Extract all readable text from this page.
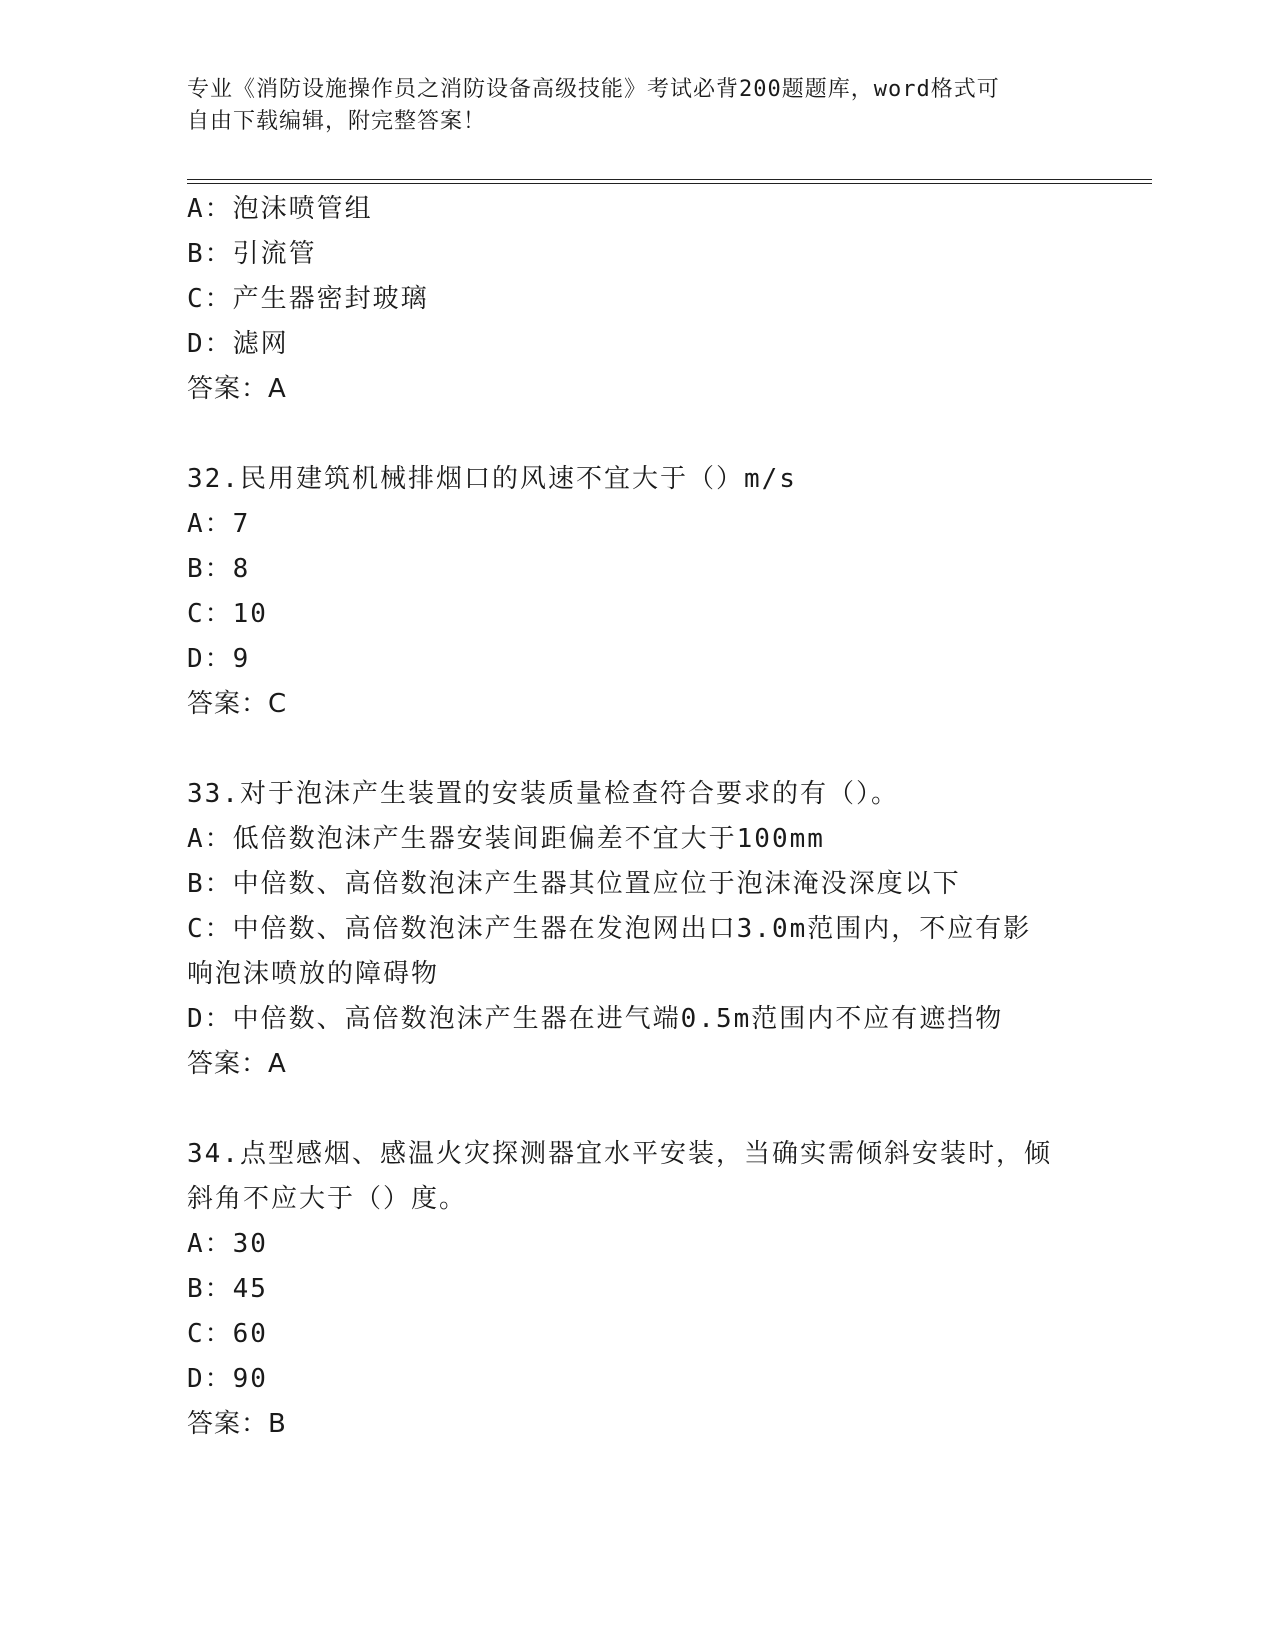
专业《消防设施操作员之消防设备高级技能》考试必背200题题库，word格式可
自由下载编辑，附完整答案！
A：泡沫喷管组
B：引流管
C：产生器密封玻璃
D：滤网
答案：A
32.民用建筑机械排烟口的风速不宜大于（）m/s
A：7
B：8
C：10
D：9
答案：C
33.对于泡沫产生装置的安装质量检查符合要求的有（）。
A：低倍数泡沫产生器安装间距偏差不宜大于100mm
B：中倍数、高倍数泡沫产生器其位置应位于泡沫淹没深度以下
C：中倍数、高倍数泡沫产生器在发泡网出口3.0m范围内，不应有影
响泡沫喷放的障碍物
D：中倍数、高倍数泡沫产生器在进气端0.5m范围内不应有遮挡物
答案：A
34.点型感烟、感温火灾探测器宜水平安装，当确实需倾斜安装时，倾
斜角不应大于（）度。
A：30
B：45
C：60
D：90
答案：B
